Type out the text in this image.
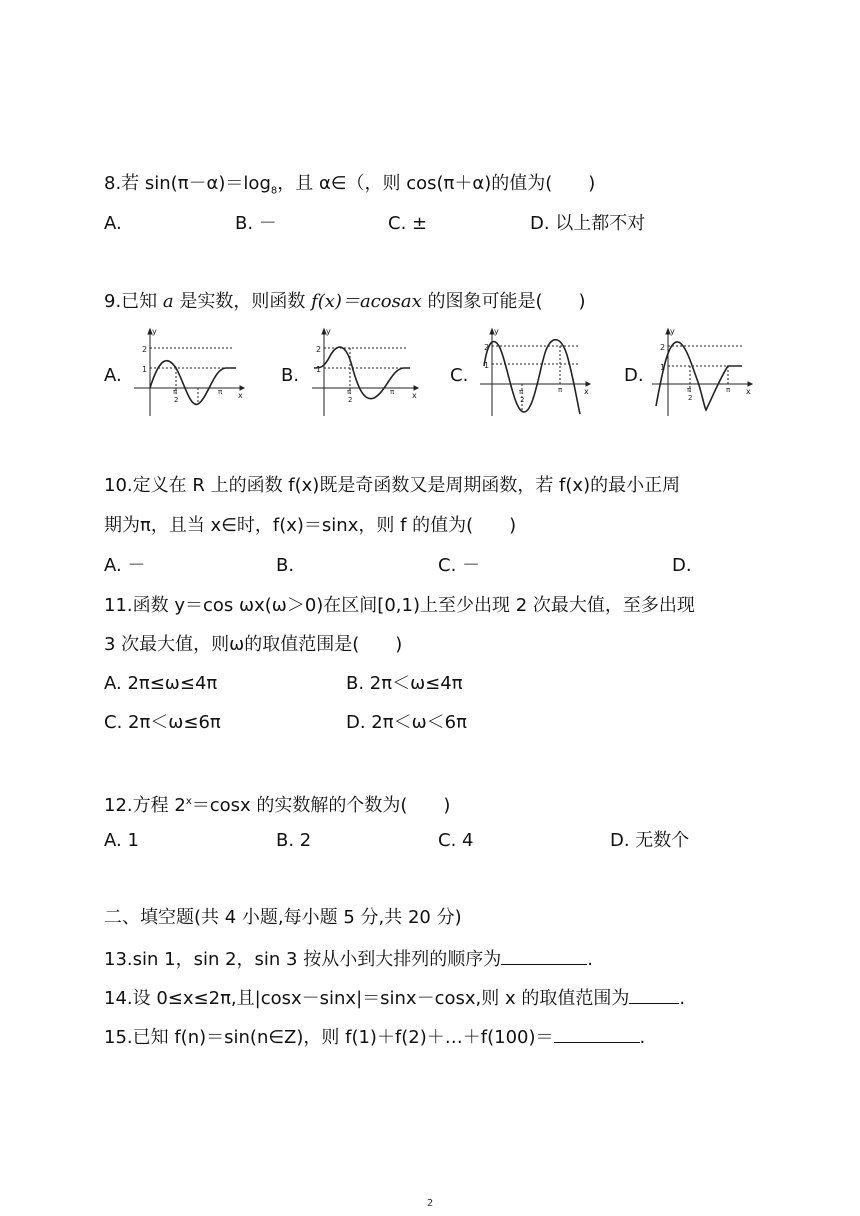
8.若 $\sin(\pi-\alpha)=\log_8$，且 α∈（，则 cos(π＋α)的值为(　　)
A.	B. －	C. ±	D. 以上都不对
9.已知 a 是实数，则函数 f(x)＝acosax 的图象可能是(　　)
A.	B.	C.	D.
y
x
2
1
π
2
π
y
x
2
1
π
2
π
y
x
2
1
π
2
π
y
x
2
1
π
2
π
10.定义在 R 上的函数 f(x)既是奇函数又是周期函数，若 f(x)的最小正周
期为π，且当 x∈时，f(x)＝sinx，则 f 的值为(　　)
A. －	B.	C. －	D.
11.函数 y＝cos ωx(ω＞0)在区间[0,1)上至少出现 2 次最大值，至多出现
3 次最大值，则ω的取值范围是(　　)
A. 2π≤ω≤4π	B. 2π＜ω≤4π
C. 2π＜ω≤6π	D. 2π＜ω＜6π
12.方程 $2^x=\cos x$ 的实数解的个数为(　　)
A. 1	B. 2	C. 4	D. 无数个
二、填空题(共 4 小题,每小题 5 分,共 20 分)
13.sin 1，sin 2，sin 3 按从小到大排列的顺序为	.
14.设 0≤x≤2π,且|cosx－sinx|＝sinx－cosx,则 x 的取值范围为	.
15.已知 f(n)＝sin(n∈Z)，则 f(1)＋f(2)＋…＋f(100)＝	.
2
